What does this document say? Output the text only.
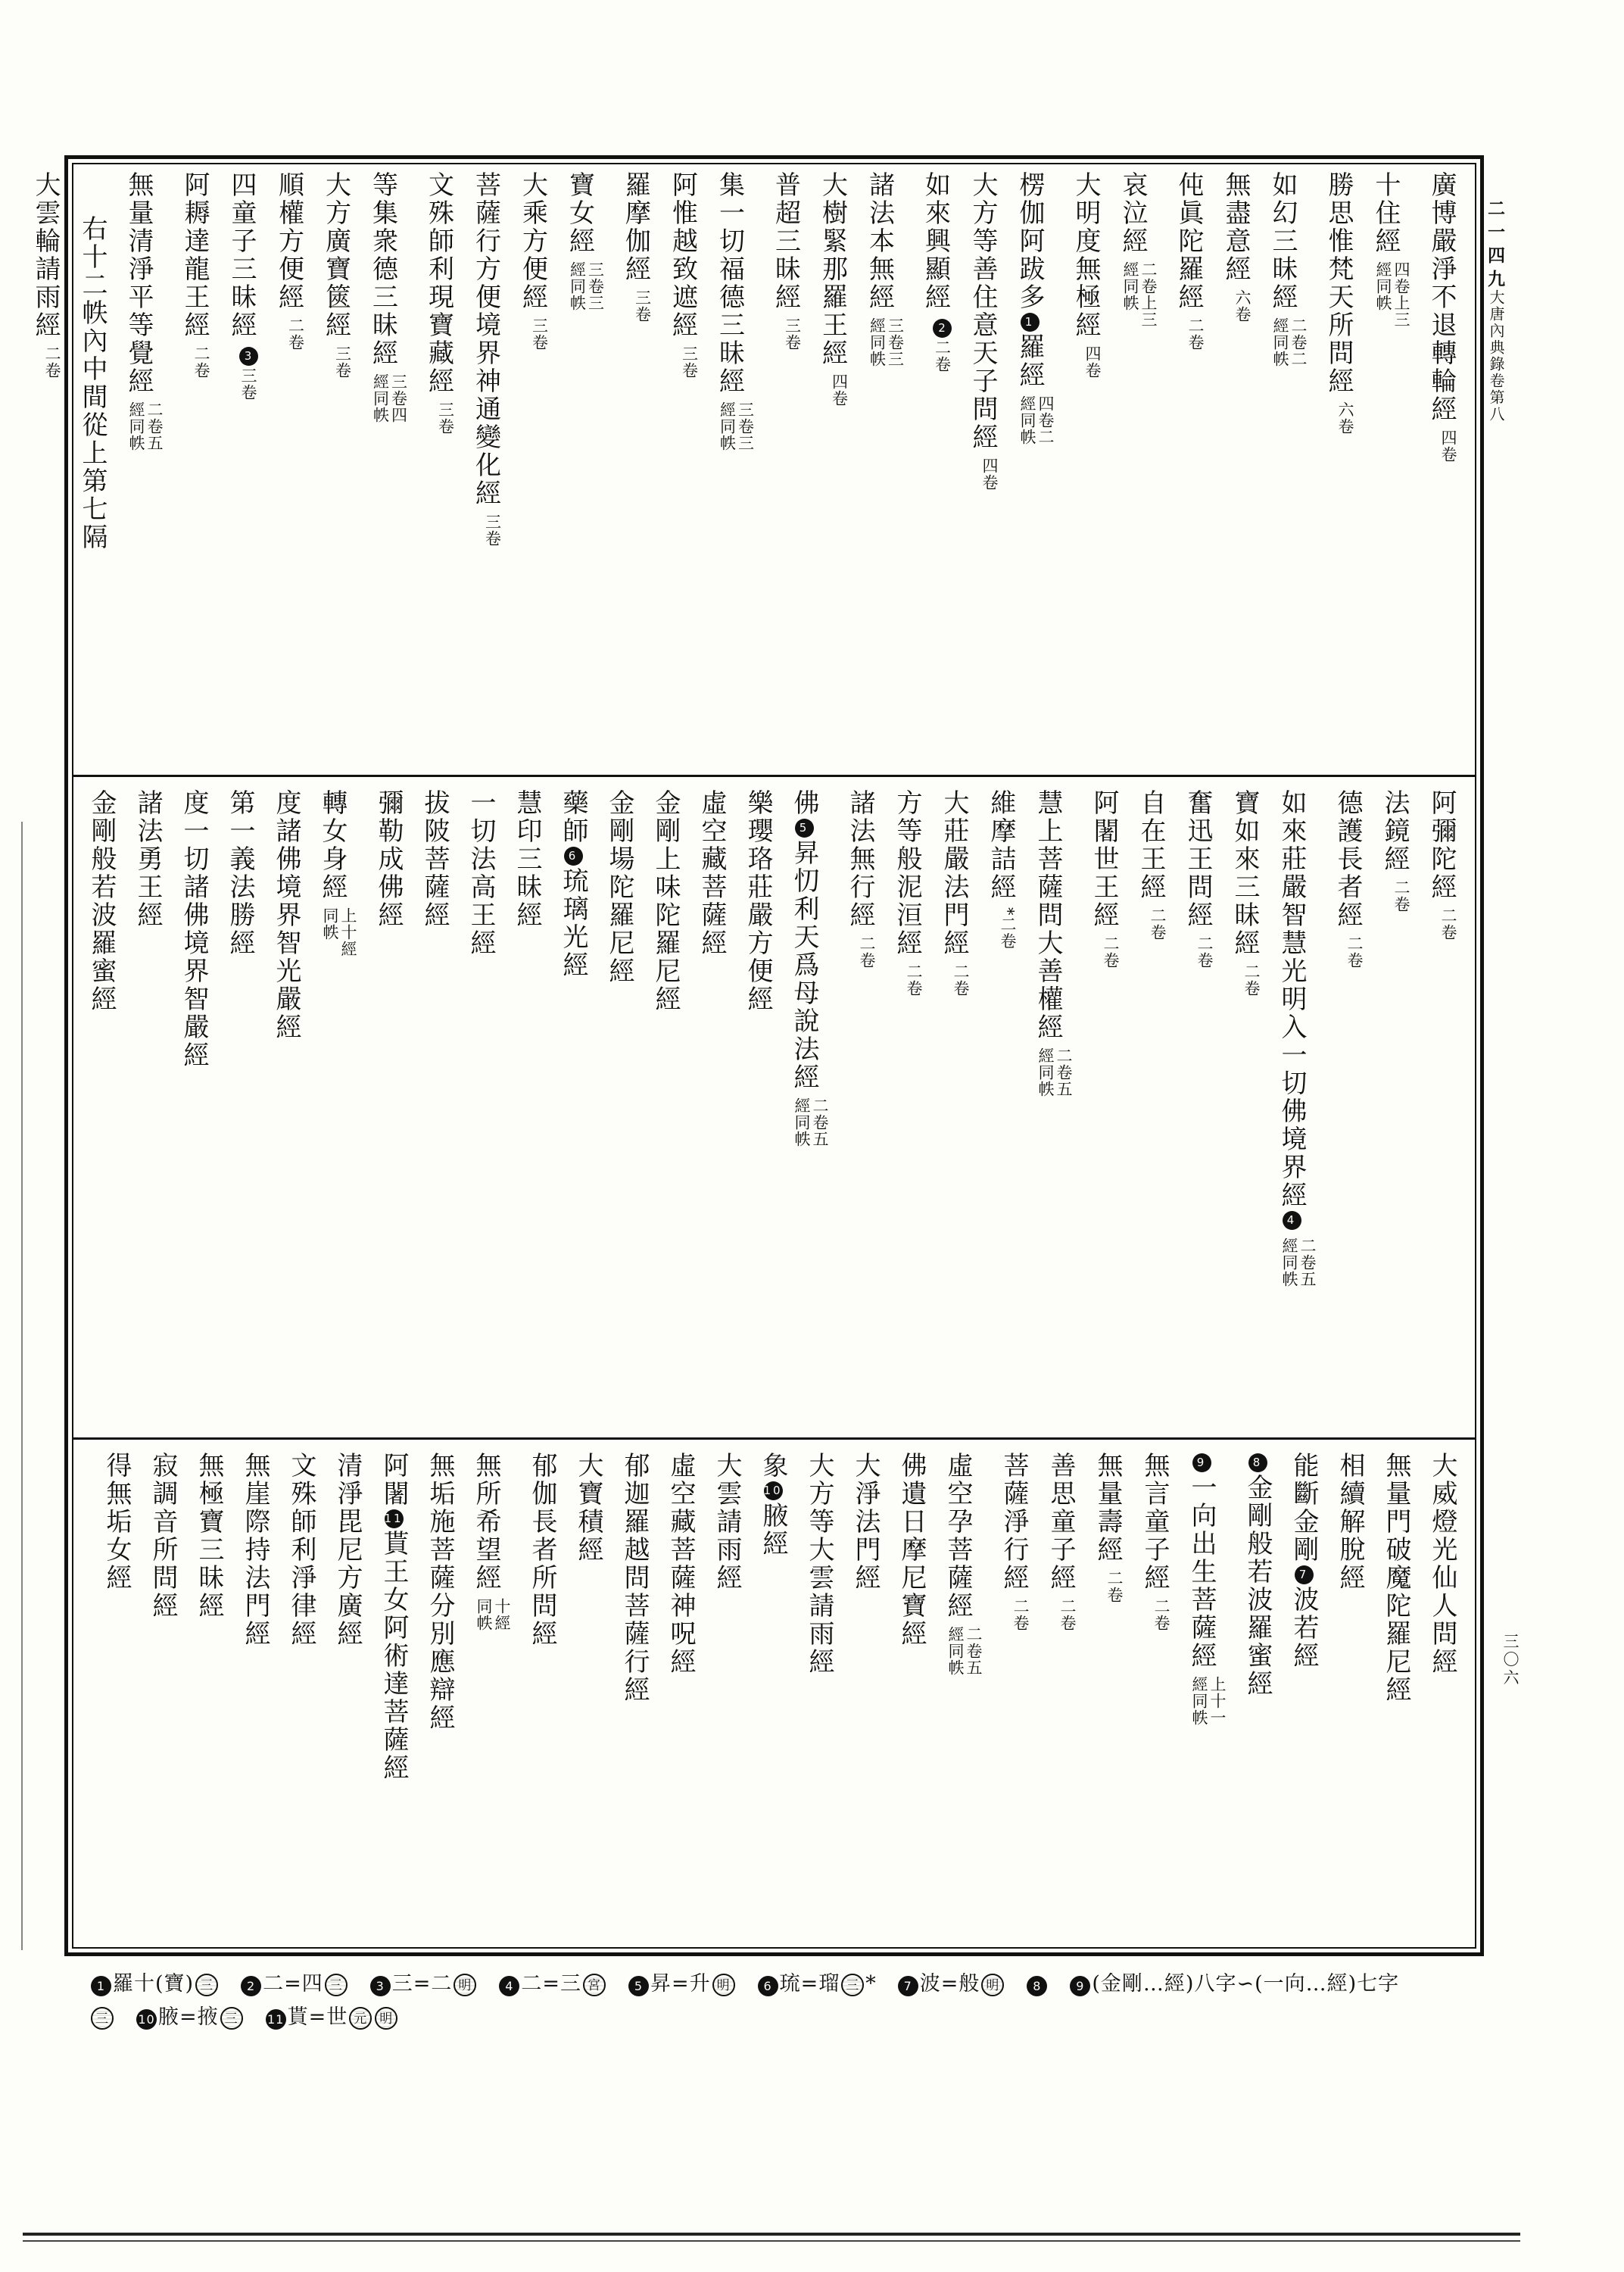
二一四九
大唐內典錄卷第八
三〇六
廣博嚴淨不退轉輪經
四卷
十住經
四卷上三
經同帙
勝思惟梵天所問經
六卷
如幻三昧經
二卷二
經同帙
無盡意經
六卷
伅眞陀羅經
二卷
哀泣經
二卷上三
經同帙
大明度無極經
四卷
楞伽阿跋多1羅經
四卷二
經同帙
大方等善住意天子問經
四卷
如來興顯經
2二卷
諸法本無經
三卷三
經同帙
大樹緊那羅王經
四卷
普超三昧經
三卷
集一切福德三昧經
三卷三
經同帙
阿惟越致遮經
三卷
羅摩伽經
三卷
寶女經
三卷三
經同帙
大乘方便經
三卷
菩薩行方便境界神通變化經
三卷
文殊師利現寶藏經
三卷
等集衆德三昧經
三卷四
經同帙
大方廣寶篋經
三卷
順權方便經
二卷
四童子三昧經
3三卷
阿耨達龍王經
二卷
無量清淨平等覺經
二卷五
經同帙
右十二帙內中間從上第七隔
大雲輪請雨經
二卷
阿彌陀經
二卷
法鏡經
二卷
德護長者經
二卷
如來莊嚴智慧光明入一切佛境界經4
二卷五
經同帙
寶如來三昧經
二卷
奮迅王問經
二卷
自在王經
二卷
阿闍世王經
二卷
慧上菩薩問大善權經
二卷五
經同帙
維摩詰經
*二卷
大莊嚴法門經
二卷
方等般泥洹經
二卷
諸法無行經
二卷
佛5昇忉利天爲母說法經
二卷五
經同帙
樂瓔珞莊嚴方便經
虛空藏菩薩經
金剛上味陀羅尼經
金剛場陀羅尼經
藥師6琉璃光經
慧印三昧經
一切法高王經
拔陂菩薩經
彌勒成佛經
轉女身經
上十經
同帙
度諸佛境界智光嚴經
第一義法勝經
度一切諸佛境界智嚴經
諸法勇王經
金剛般若波羅蜜經
大威燈光仙人問經
無量門破魔陀羅尼經
相續解脫經
能斷金剛7波若經
8金剛般若波羅蜜經
9一向出生菩薩經
上十一
經同帙
無言童子經
二卷
無量壽經
二卷
善思童子經
二卷
菩薩淨行經
二卷
虛空孕菩薩經
二卷五
經同帙
佛遺日摩尼寶經
大淨法門經
大方等大雲請雨經
象10腋經
大雲請雨經
虛空藏菩薩神呪經
郁迦羅越問菩薩行經
大寶積經
郁伽長者所問經
無所希望經
十經
同帙
無垢施菩薩分別應辯經
阿闍11貰王女阿術達菩薩經
清淨毘尼方廣經
文殊師利淨律經
無崖際持法門經
無極寶三昧經
寂調音所問經
得無垢女經
1 羅十(寶) 三	2 二=四 三	3 三=二 明	4 二=三 宮	5 昇=升 明	6 琉=瑠 三 * 7 波=般 明	8	9 (金剛…經)八字∽(一向…經)七字
三 10 腋=掖 三 11 貰=世 元 明
